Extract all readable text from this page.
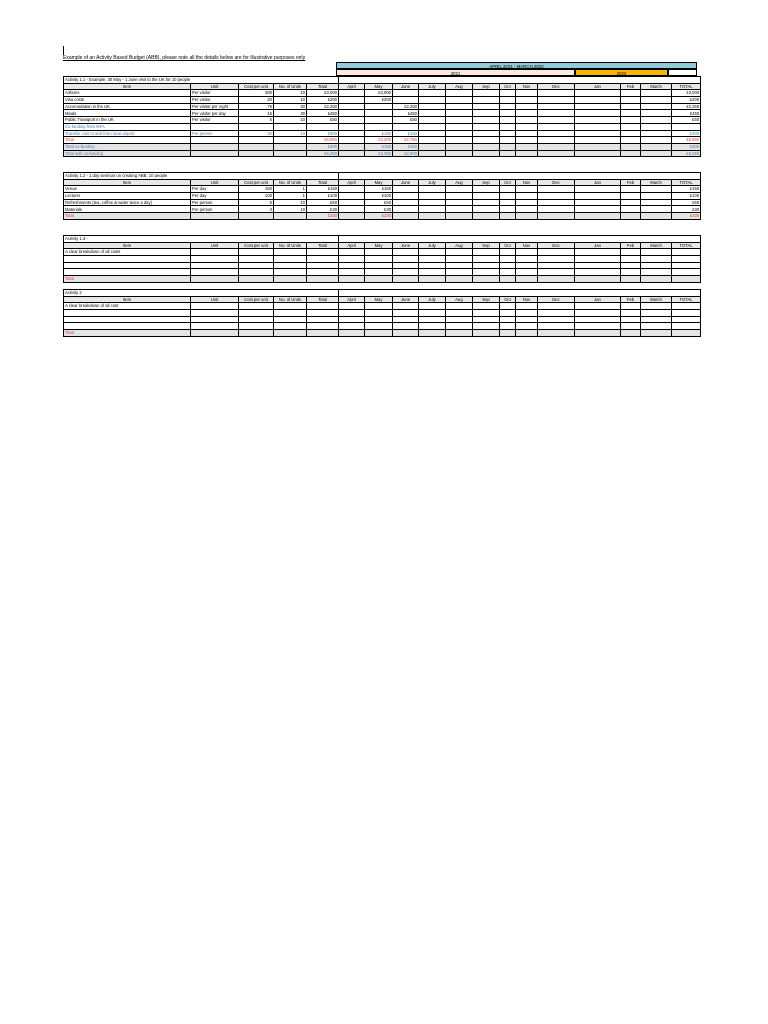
Example of an Activity Based Budget (ABB), please note all the details below are for illustrative purposes only
APRIL 2021 - MARCH 2022
2021	2022
Activity 1.1 - Example, 30 May - 1 June visit to the UK for 10 people																	
Item	Unit	Cost per unit	No. of Units	Total	April	May	June	July	Aug	Sep	Oct	Nov	Dec	Jan	Feb	March	TOTAL
Airfares	Per visitor	300	10	£3,000		£3,000											£3,000
Visa costs	Per visitor	20	10	£200		£200											£200
Accomodation in the UK	Per visitor per night	75	30	£2,250			£2,250										£2,250
Meals	Per visitor per day	15	30	£450			£450										£450
Public Transport in the UK	Per visitor	5	10	£50			£50										£50
Co-funding from MFA																	
Transfer cost to and from local airport	Per person	30	10	£300		£150	£150										£300
Total				£5,950		£3,200	£2,750										£5,950
Total co-funding				£300		£150	£150										£300
Total with co-funding				£6,250		£3,350	£2,900										£6,250
Activity 1.2 - 1 day seminar on creating ABB, 10 people																	
Item	Unit	Cost per unit	No. of Units	Total	April	May	June	July	Aug	Sep	Oct	Nov	Dec	Jan	Feb	March	TOTAL
Venue	Per day	150	1	£150		£150											£150
Lecturer	Per day	100	1	£100		£100											£100
Refreshments (tea, coffee & water twice a day)	Per person	5	10	£50		£50											£50
Materials	Per person	3	10	£30		£30											£30
Total				£330		£330											£330
Activity 1.3 -																	
Item	Unit	Cost per unit	No. of Units	Total	April	May	June	July	Aug	Sep	Oct	Nov	Dec	Jan	Feb	March	TOTAL
A clear breakdown of all costs																	

Total																	
Activity 2																	
Item	Unit	Cost per unit	No. of Units	Total	April	May	June	July	Aug	Sep	Oct	Nov	Dec	Jan	Feb	March	TOTAL
A clear breakdown of all cost																	

Total																	
